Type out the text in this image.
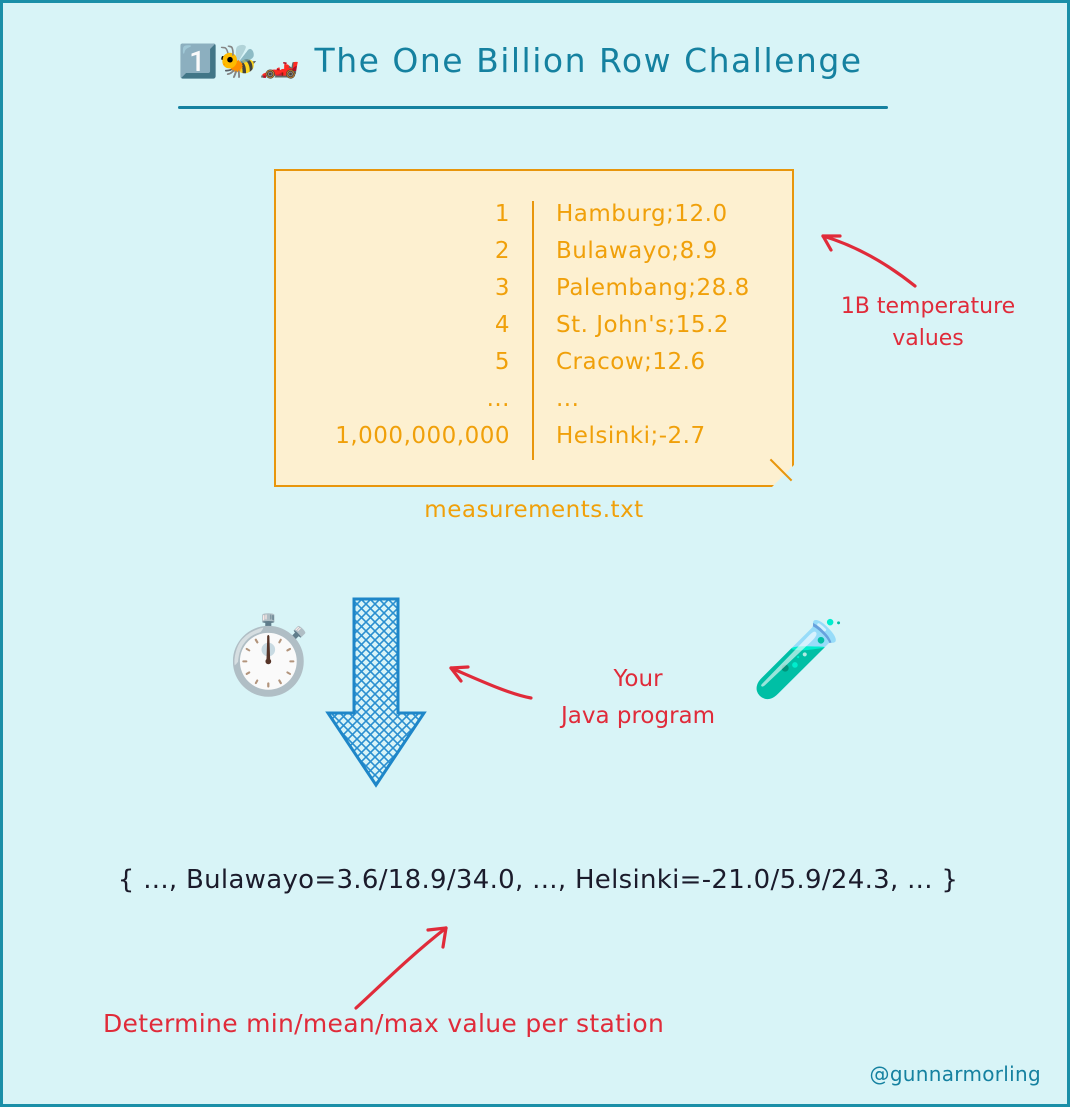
1️⃣🐝🏎️ The One Billion Row Challenge
1	Hamburg;12.0
2	Bulawayo;8.9
3	Palembang;28.8
4	St. John's;15.2
5	Cracow;12.6
...	...
1,000,000,000	Helsinki;-2.7
measurements.txt
1B temperature
values
⏱️	Your
Java program
🧪
{ ..., Bulawayo=3.6/18.9/34.0, ..., Helsinki=-21.0/5.9/24.3, ... }
Determine min/mean/max value per station
@gunnarmorling
